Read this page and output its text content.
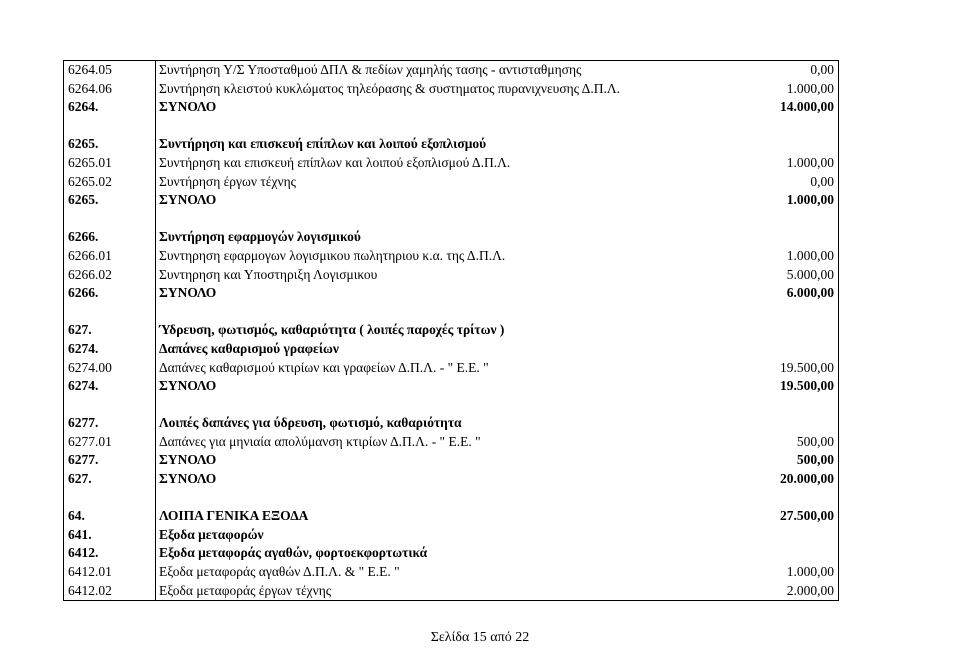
6264.05	Συντήρηση Υ/Σ Υποσταθμού ΔΠΛ & πεδίων χαμηλής τασης - αντισταθμησης	0,00
6264.06	Συντήρηση κλειστού κυκλώματος τηλεόρασης & συστηματος πυρανιχνευσης Δ.Π.Λ.	1.000,00
6264.	ΣΥΝΟΛΟ	14.000,00
6265.	Συντήρηση και επισκευή επίπλων και λοιπού εξοπλισμού
6265.01	Συντήρηση και επισκευή επίπλων και λοιπού εξοπλισμού Δ.Π.Λ.	1.000,00
6265.02	Συντήρηση έργων τέχνης	0,00
6265.	ΣΥΝΟΛΟ	1.000,00
6266.	Συντήρηση εφαρμογών λογισμικού
6266.01	Συντηρηση εφαρμογων λογισμικου πωλητηριου κ.α. της Δ.Π.Λ.	1.000,00
6266.02	Συντηρηση και Υποστηριξη Λογισμικου	5.000,00
6266.	ΣΥΝΟΛΟ	6.000,00
627.	Ύδρευση, φωτισμός, καθαριότητα ( λοιπές παροχές τρίτων )
6274.	Δαπάνες καθαρισμού γραφείων
6274.00	Δαπάνες καθαρισμού κτιρίων και γραφείων Δ.Π.Λ. - " Ε.Ε. "	19.500,00
6274.	ΣΥΝΟΛΟ	19.500,00
6277.	Λοιπές δαπάνες για ύδρευση, φωτισμό, καθαριότητα
6277.01	Δαπάνες για μηνιαία απολύμανση κτιρίων Δ.Π.Λ. - " Ε.Ε. "	500,00
6277.	ΣΥΝΟΛΟ	500,00
627.	ΣΥΝΟΛΟ	20.000,00
64.	ΛΟΙΠΑ ΓΕΝΙΚΑ ΕΞΟΔΑ	27.500,00
641.	Εξοδα μεταφορών
6412.	Εξοδα μεταφοράς αγαθών, φορτοεκφορτωτικά
6412.01	Εξοδα μεταφοράς αγαθών Δ.Π.Λ. & " Ε.Ε. "	1.000,00
6412.02	Εξοδα μεταφοράς έργων τέχνης	2.000,00
Σελίδα 15 από 22
